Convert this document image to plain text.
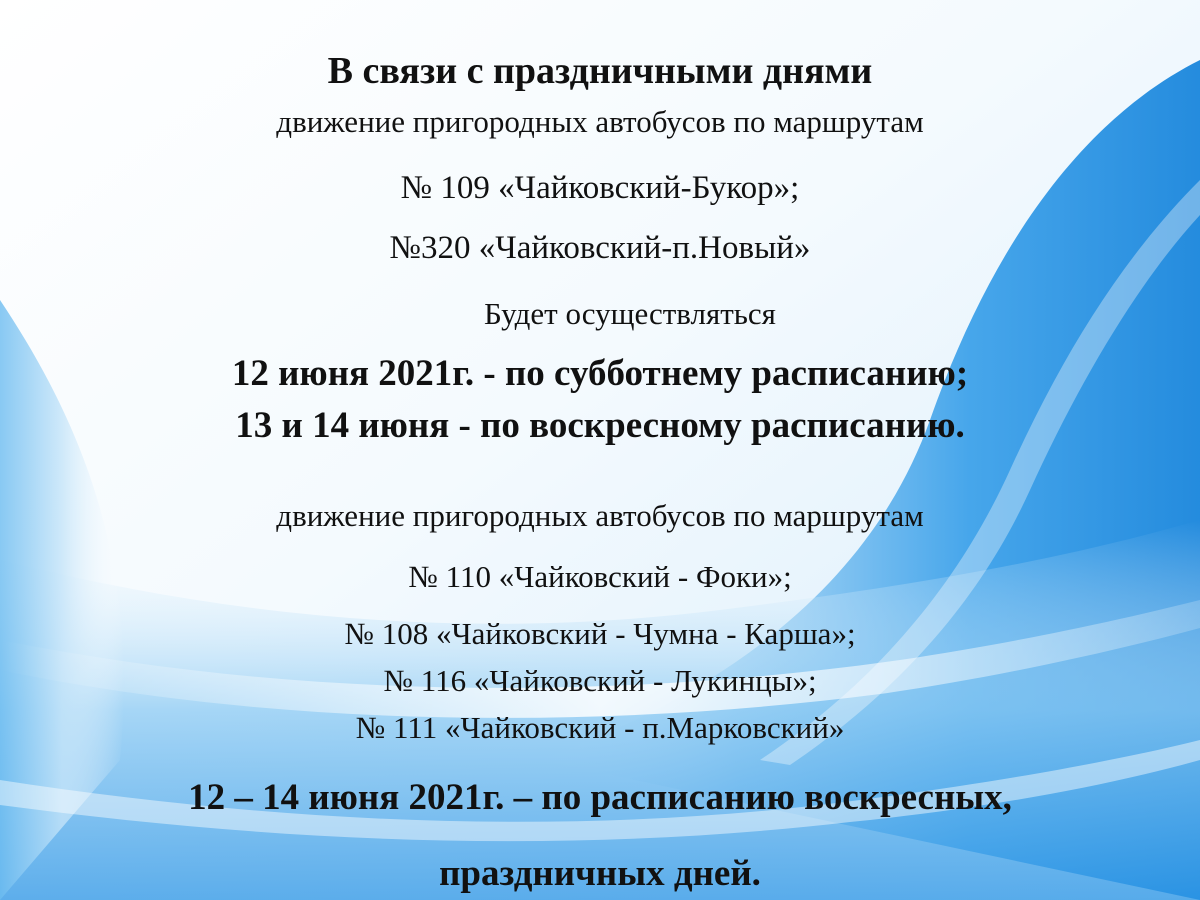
В связи с праздничными днями
движение пригородных автобусов по маршрутам
№ 109 «Чайковский-Букор»;
№320 «Чайковский-п.Новый»
Будет осуществляться
12 июня 2021г. - по субботнему расписанию;
13 и 14 июня - по воскресному расписанию.
движение пригородных автобусов по маршрутам
№ 110 «Чайковский - Фоки»;
№ 108 «Чайковский - Чумна - Карша»;
№ 116 «Чайковский - Лукинцы»;
№ 111 «Чайковский - п.Марковский»
12 – 14 июня 2021г. – по расписанию воскресных,
праздничных дней.
